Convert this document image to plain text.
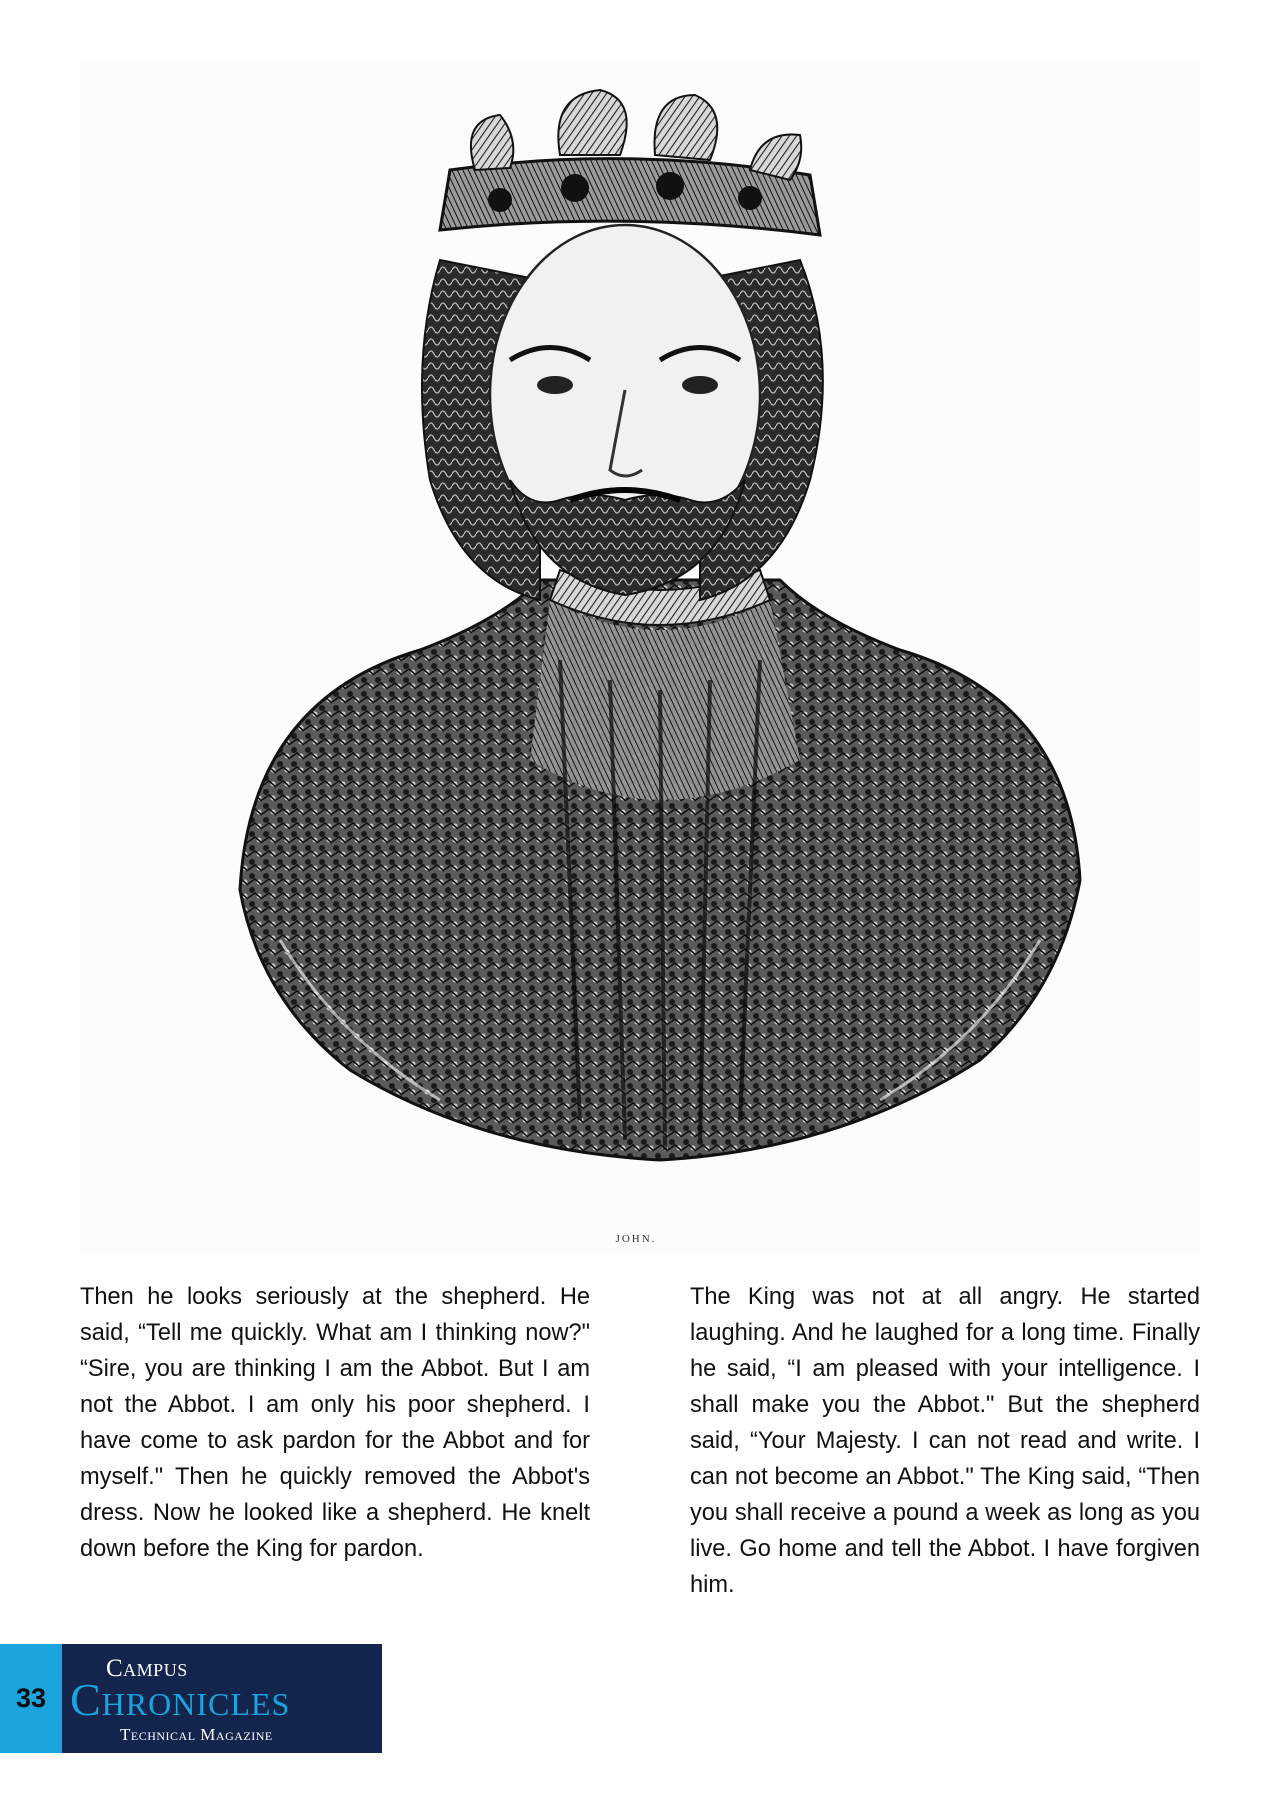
JOHN.
Then he looks seriously at the shepherd. He said, “Tell me quickly. What am I thinking now?" “Sire, you are thinking I am the Abbot. But I am not the Abbot. I am only his poor shepherd. I have come to ask pardon for the Abbot and for myself." Then he quickly removed the Abbot's dress. Now he looked like a shepherd. He knelt down before the King for pardon.
The King was not at all angry. He started laughing. And he laughed for a long time. Finally he said, “I am pleased with your intelligence. I shall make you the Abbot." But the shepherd said, “Your Majesty. I can not read and write. I can not become an Abbot." The King said, “Then you shall receive a pound a week as long as you live. Go home and tell the Abbot. I have forgiven him.
33
Campus
Chronicles
Technical Magazine
